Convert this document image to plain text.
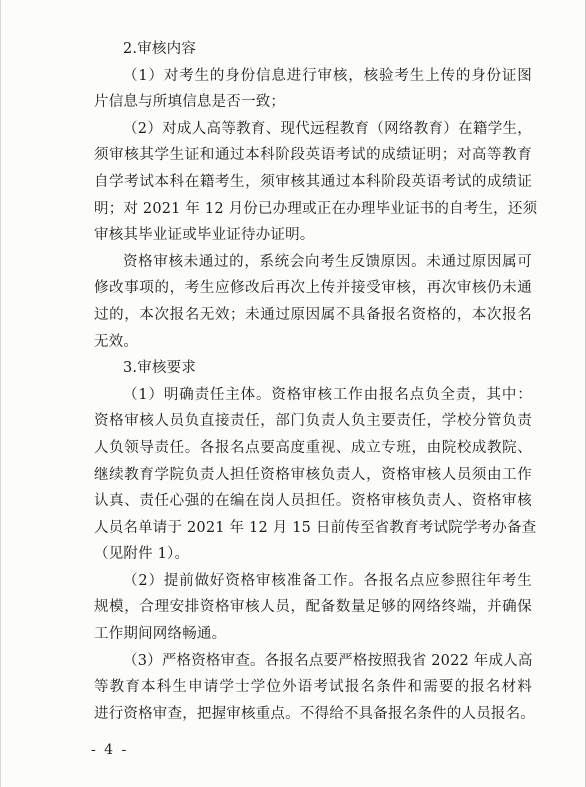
2.审核内容
（1）对考生的身份信息进行审核，核验考生上传的身份证图
片信息与所填信息是否一致；
（2）对成人高等教育、现代远程教育（网络教育）在籍学生，
须审核其学生证和通过本科阶段英语考试的成绩证明；对高等教育
自学考试本科在籍考生，须审核其通过本科阶段英语考试的成绩证
明；对 2021 年 12 月份已办理或正在办理毕业证书的自考生，还须
审核其毕业证或毕业证待办证明。
资格审核未通过的，系统会向考生反馈原因。未通过原因属可
修改事项的，考生应修改后再次上传并接受审核，再次审核仍未通
过的，本次报名无效；未通过原因属不具备报名资格的，本次报名
无效。
3.审核要求
（1）明确责任主体。资格审核工作由报名点负全责，其中：
资格审核人员负直接责任，部门负责人负主要责任，学校分管负责
人负领导责任。各报名点要高度重视、成立专班，由院校成教院、
继续教育学院负责人担任资格审核负责人，资格审核人员须由工作
认真、责任心强的在编在岗人员担任。资格审核负责人、资格审核
人员名单请于 2021 年 12 月 15 日前传至省教育考试院学考办备查
（见附件 1）。
（2）提前做好资格审核准备工作。各报名点应参照往年考生
规模，合理安排资格审核人员，配备数量足够的网络终端，并确保
工作期间网络畅通。
（3）严格资格审查。各报名点要严格按照我省 2022 年成人高
等教育本科生申请学士学位外语考试报名条件和需要的报名材料
进行资格审查，把握审核重点。不得给不具备报名条件的人员报名。
- 4 -
